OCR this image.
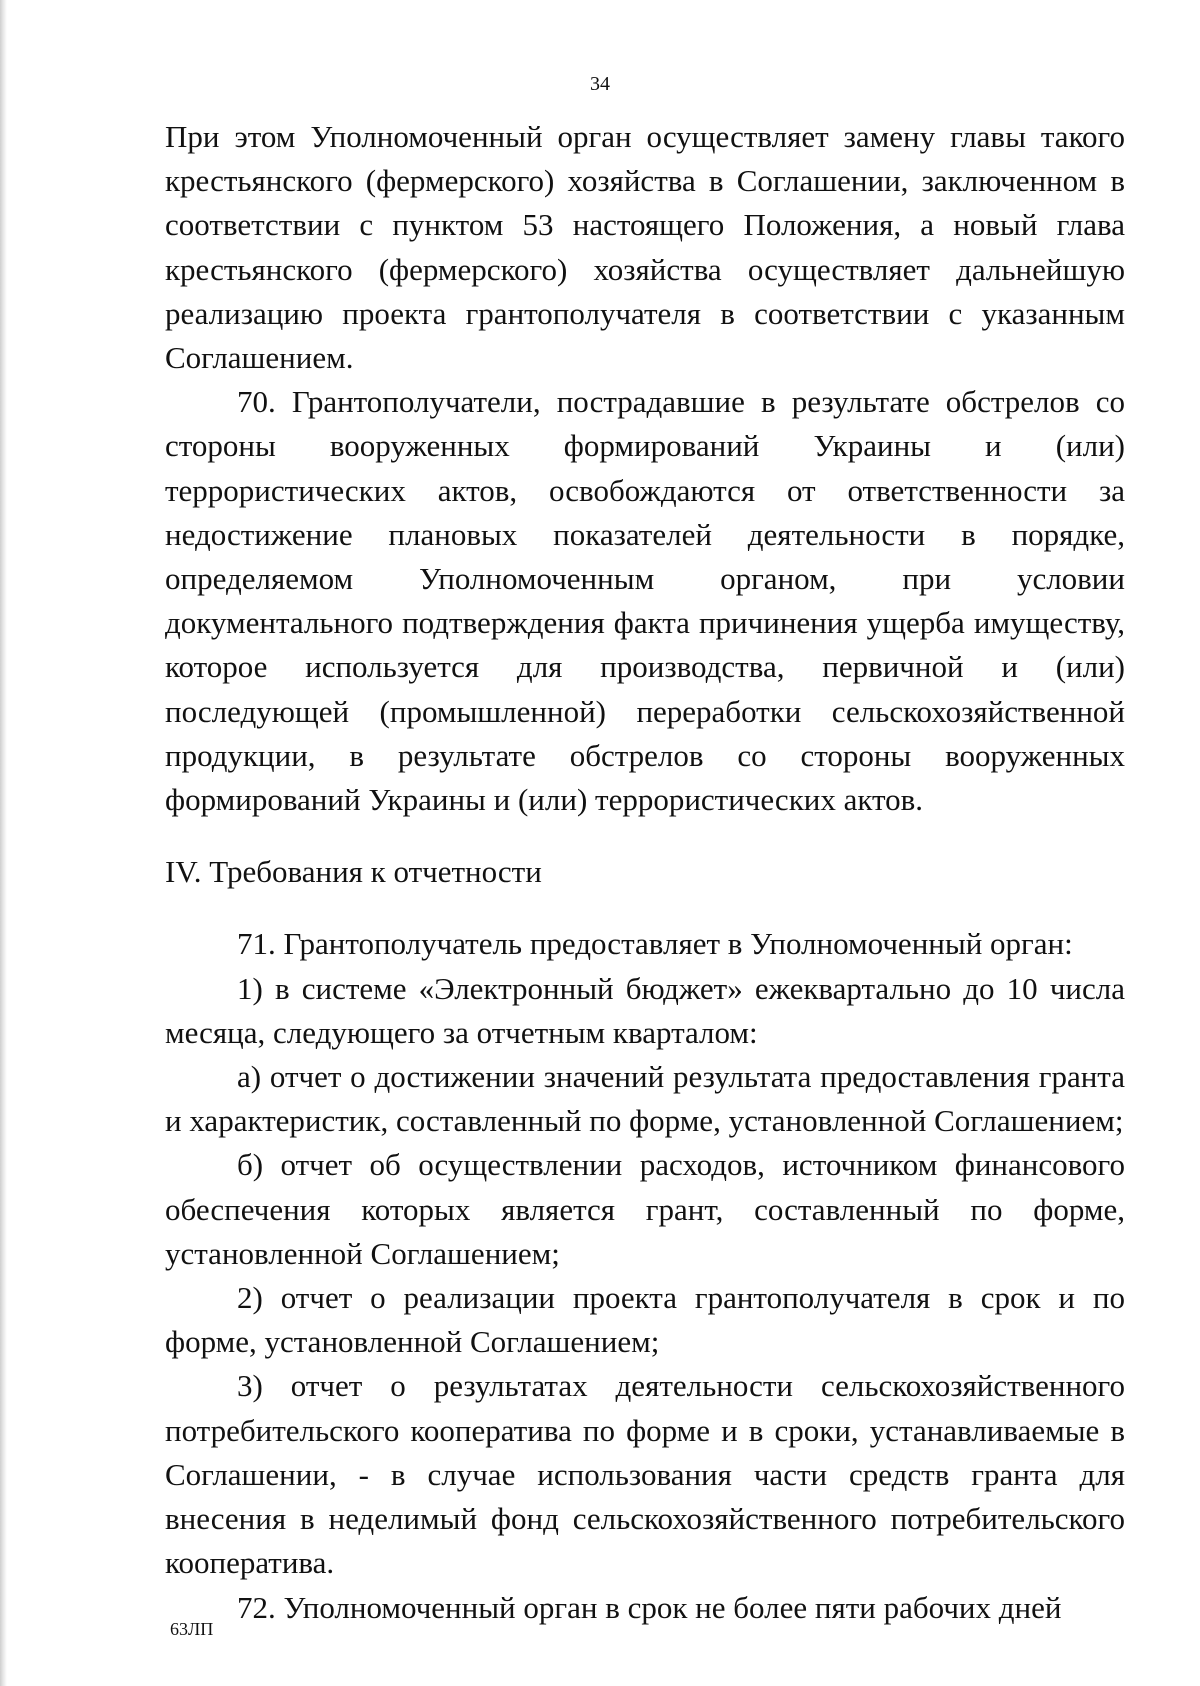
34

При этом Уполномоченный орган осуществляет замену главы такого крестьянского (фермерского) хозяйства в Соглашении, заключенном в соответствии с пунктом 53 настоящего Положения, а новый глава крестьянского (фермерского) хозяйства осуществляет дальнейшую реализацию проекта грантополучателя в соответствии с указанным Соглашением.

70. Грантополучатели, пострадавшие в результате обстрелов со стороны вооруженных формирований Украины и (или) террористических актов, освобождаются от ответственности за недостижение плановых показателей деятельности в порядке, определяемом Уполномоченным органом, при условии документального подтверждения факта причинения ущерба имуществу, которое используется для производства, первичной и (или) последующей (промышленной) переработки сельскохозяйственной продукции, в результате обстрелов со стороны вооруженных формирований Украины и (или) террористических актов.

IV. Требования к отчетности

71. Грантополучатель предоставляет в Уполномоченный орган:

1) в системе «Электронный бюджет» ежеквартально до 10 числа месяца, следующего за отчетным кварталом:

а) отчет о достижении значений результата предоставления гранта и характеристик, составленный по форме, установленной Соглашением;

б) отчет об осуществлении расходов, источником финансового обеспечения которых является грант, составленный по форме, установленной Соглашением;

2) отчет о реализации проекта грантополучателя в срок и по форме, установленной Соглашением;

3) отчет о результатах деятельности сельскохозяйственного потребительского кооператива по форме и в сроки, устанавливаемые в Соглашении, - в случае использования части средств гранта для внесения в неделимый фонд сельскохозяйственного потребительского кооператива.

72. Уполномоченный орган в срок не более пяти рабочих дней

63ЛП
